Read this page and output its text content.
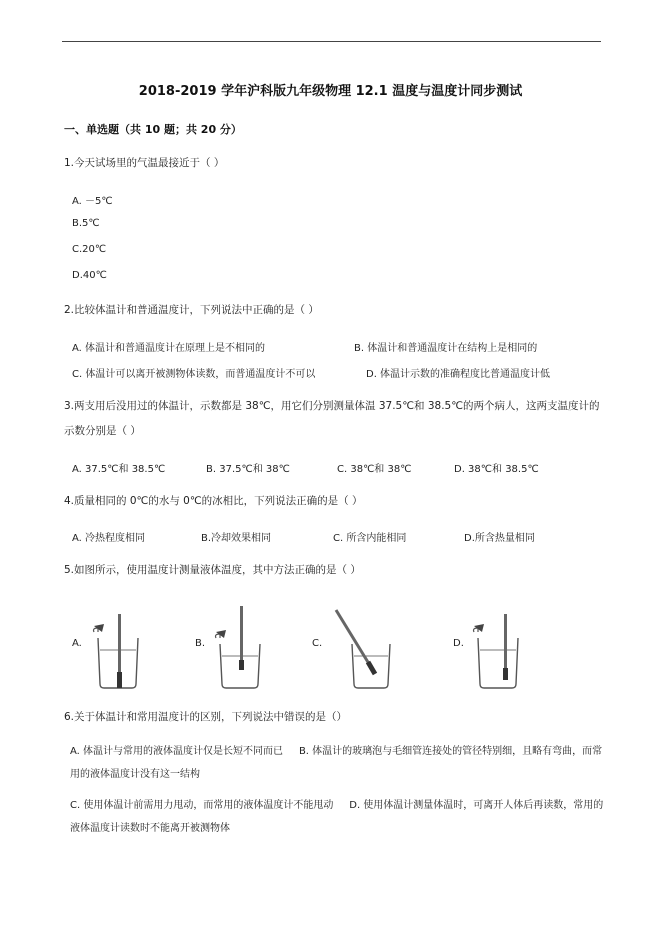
2018-2019 学年沪科版九年级物理 12.1 温度与温度计同步测试
一、单选题（共 10 题；共 20 分）
1.今天试场里的气温最接近于（ ）
A. －5℃
B.5℃
C.20℃
D.40℃
2.比较体温计和普通温度计，下列说法中正确的是（ ）
A. 体温计和普通温度计在原理上是不相同的	B. 体温计和普通温度计在结构上是相同的
C. 体温计可以离开被测物体读数，而普通温度计不可以	D. 体温计示数的准确程度比普通温度计低
3.两支用后没用过的体温计，示数都是 38℃，用它们分别测量体温 37.5℃和 38.5℃的两个病人，这两支温度计的示数分别是（ ）
A. 37.5℃和 38.5℃	B. 37.5℃和 38℃	C. 38℃和 38℃	D. 38℃和 38.5℃
4.质量相同的 0℃的水与 0℃的冰相比，下列说法正确的是（ ）
A. 冷热程度相同	B.冷却效果相同	C. 所含内能相同	D.所含热量相同
5.如图所示，使用温度计测量液体温度，其中方法正确的是（ ）
A.	B.	C.	D.
6.关于体温计和常用温度计的区别，下列说法中错误的是（）
A. 体温计与常用的液体温度计仅是长短不同而已 B. 体温计的玻璃泡与毛细管连接处的管径特别细，且略有弯曲，而常用的液体温度计没有这一结构
C. 使用体温计前需用力甩动，而常用的液体温度计不能甩动 D. 使用体温计测量体温时，可离开人体后再读数，常用的液体温度计读数时不能离开被测物体
